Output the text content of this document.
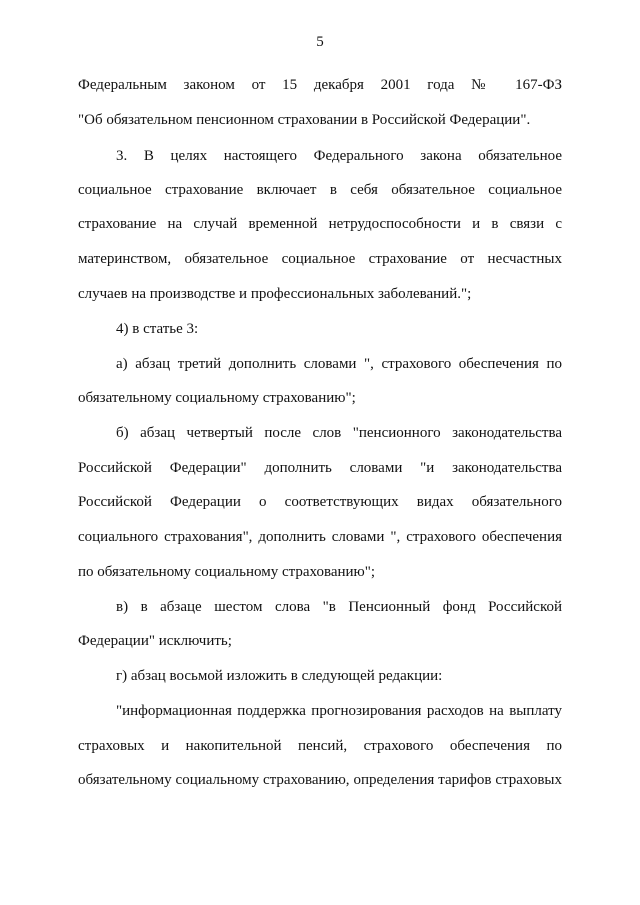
5
Федеральным законом от 15 декабря 2001 года № 167-ФЗ
"Об обязательном пенсионном страховании в Российской Федерации".
3. В целях настоящего Федерального закона обязательное
социальное страхование включает в себя обязательное социальное
страхование на случай временной нетрудоспособности и в связи с
материнством, обязательное социальное страхование от несчастных
случаев на производстве и профессиональных заболеваний.";
4) в статье 3:
а) абзац третий дополнить словами ", страхового обеспечения по
обязательному социальному страхованию";
б) абзац четвертый после слов "пенсионного законодательства
Российской Федерации" дополнить словами "и законодательства
Российской Федерации о соответствующих видах обязательного
социального страхования", дополнить словами ", страхового обеспечения
по обязательному социальному страхованию";
в) в абзаце шестом слова "в Пенсионный фонд Российской
Федерации" исключить;
г) абзац восьмой изложить в следующей редакции:
"информационная поддержка прогнозирования расходов на выплату
страховых и накопительной пенсий, страхового обеспечения по
обязательному социальному страхованию, определения тарифов страховых
